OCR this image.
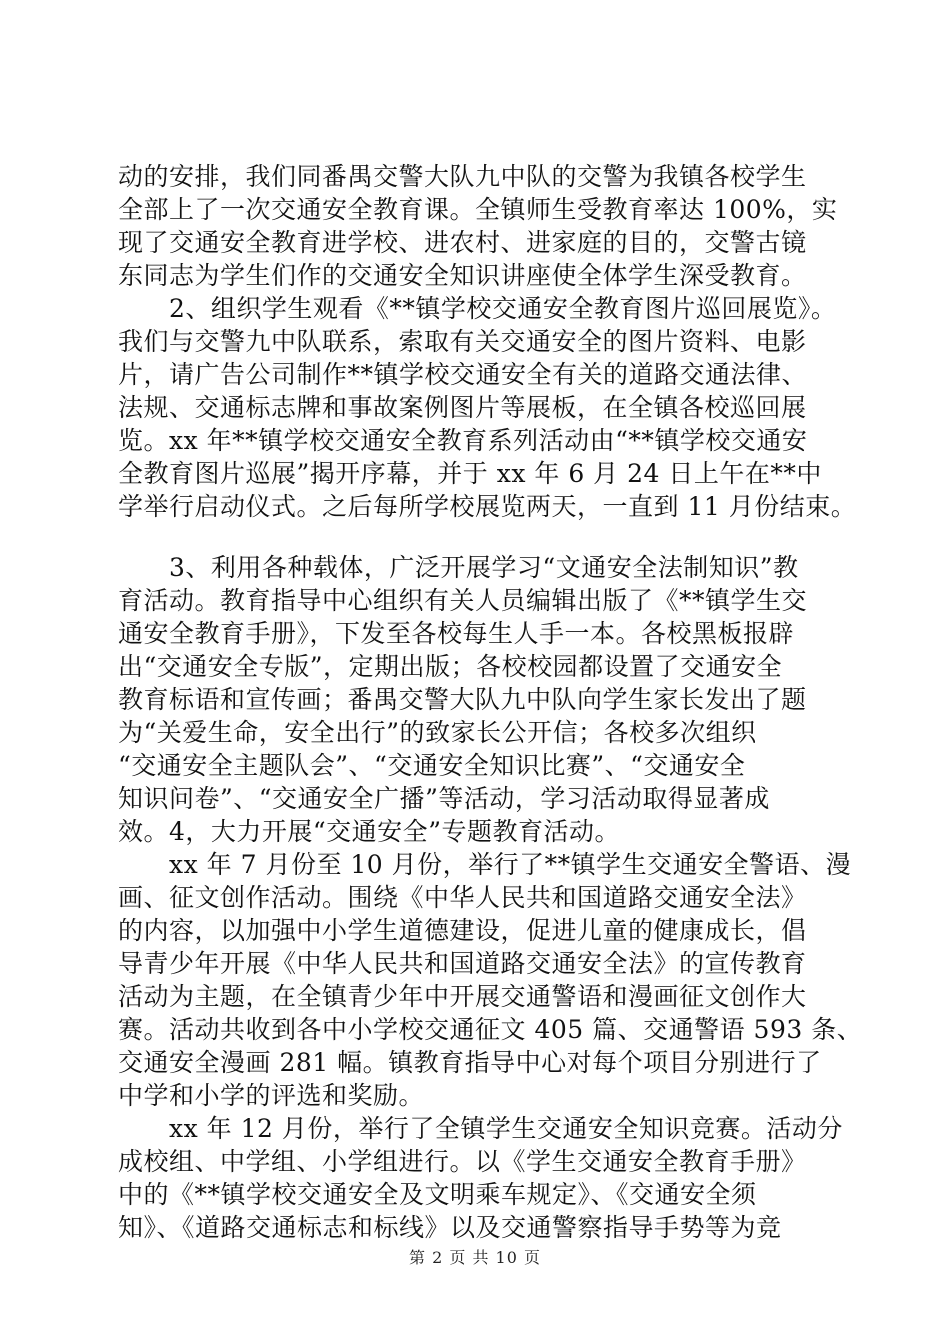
动的安排，我们同番禺交警大队九中队的交警为我镇各校学生
全部上了一次交通安全教育课。全镇师生受教育率达 100%，实
现了交通安全教育进学校、进农村、进家庭的目的，交警古镜
东同志为学生们作的交通安全知识讲座使全体学生深受教育。
　　2、组织学生观看《**镇学校交通安全教育图片巡回展览》。
我们与交警九中队联系，索取有关交通安全的图片资料、电影
片，请广告公司制作**镇学校交通安全有关的道路交通法律、
法规、交通标志牌和事故案例图片等展板，在全镇各校巡回展
览。xx 年**镇学校交通安全教育系列活动由“**镇学校交通安
全教育图片巡展”揭开序幕，并于 xx 年 6 月 24 日上午在**中
学举行启动仪式。之后每所学校展览两天，一直到 11 月份结束。
　　3、利用各种载体，广泛开展学习“文通安全法制知识”教
育活动。教育指导中心组织有关人员编辑出版了《**镇学生交
通安全教育手册》，下发至各校每生人手一本。各校黑板报辟
出“交通安全专版”，定期出版；各校校园都设置了交通安全
教育标语和宣传画；番禺交警大队九中队向学生家长发出了题
为“关爱生命，安全出行”的致家长公开信；各校多次组织
“交通安全主题队会”、“交通安全知识比赛”、“交通安全
知识问卷”、“交通安全广播”等活动，学习活动取得显著成
效。4，大力开展“交通安全”专题教育活动。
　　xx 年 7 月份至 10 月份，举行了**镇学生交通安全警语、漫
画、征文创作活动。围绕《中华人民共和国道路交通安全法》
的内容，以加强中小学生道德建设，促进儿童的健康成长，倡
导青少年开展《中华人民共和国道路交通安全法》的宣传教育
活动为主题，在全镇青少年中开展交通警语和漫画征文创作大
赛。活动共收到各中小学校交通征文 405 篇、交通警语 593 条、
交通安全漫画 281 幅。镇教育指导中心对每个项目分别进行了
中学和小学的评选和奖励。
　　xx 年 12 月份，举行了全镇学生交通安全知识竞赛。活动分
成校组、中学组、小学组进行。以《学生交通安全教育手册》
中的《**镇学校交通安全及文明乘车规定》、《交通安全须
知》、《道路交通标志和标线》以及交通警察指导手势等为竞
第 2 页 共 10 页
